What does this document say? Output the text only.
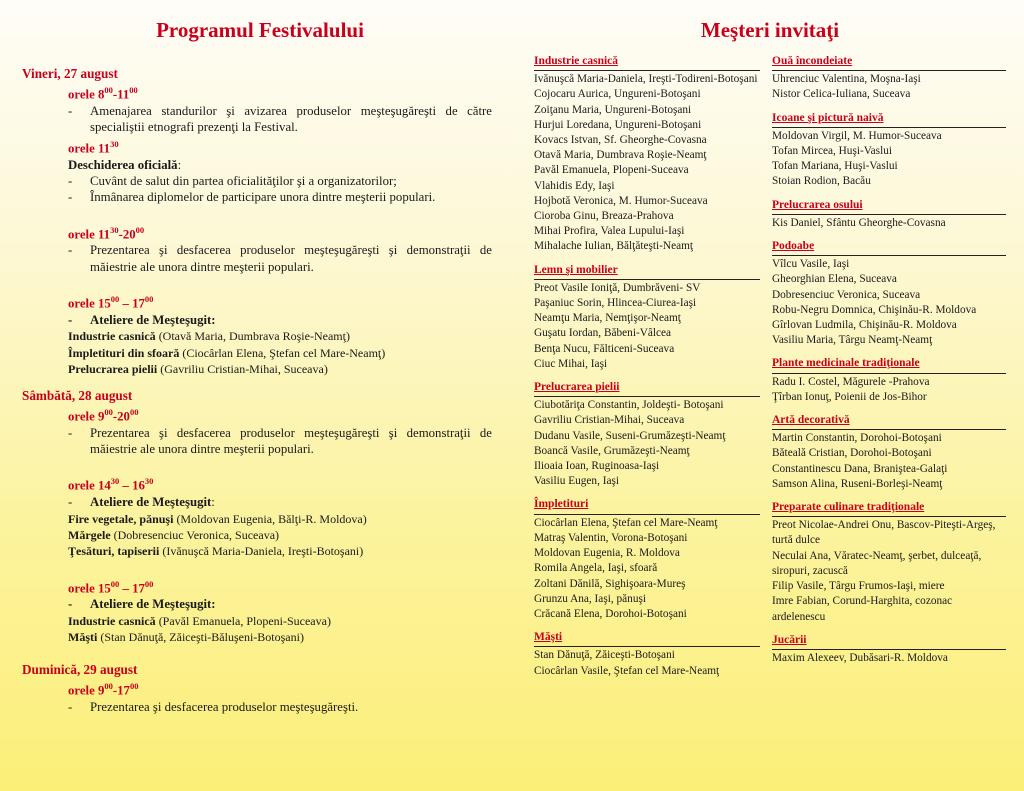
Programul Festivalului	Meşteri invitaţi
Vineri, 27 august
orele $8^{00}-11^{00}$
- Amenajarea standurilor şi avizarea produselor meşteşugăreşti de către specialiştii etnografi prezenţi la Festival.
orele $11^{30}$
Deschiderea oficială:
- Cuvânt de salut din partea oficialităţilor şi a organizatorilor;
- Înmânarea diplomelor de participare unora dintre meşterii populari.
orele $11^{30}-20^{00}$
- Prezentarea şi desfacerea produselor meşteşugăreşti şi demonstraţii de măiestrie ale unora dintre meşterii populari.
orele $15^{00} - 17^{00}$
- Ateliere de Meşteşugit:
Industrie casnică (Otavă Maria, Dumbrava Roşie-Neamţ)
Împletituri din sfoară (Ciocârlan Elena, Ştefan cel Mare-Neamţ)
Prelucrarea pielii (Gavriliu Cristian-Mihai, Suceava)
Sâmbătă, 28 august
orele $9^{00}-20^{00}$
- Prezentarea şi desfacerea produselor meşteşugăreşti şi demonstraţii de măiestrie ale unora dintre meşterii populari.
orele $14^{30} - 16^{30}$
- Ateliere de Meşteşugit:
Fire vegetale, pănuşi (Moldovan Eugenia, Bălţi-R. Moldova)
Mărgele (Dobresenciuc Veronica, Suceava)
Ţesături, tapiserii (Ivănuşcă Maria-Daniela, Ireşti-Botoşani)
orele $15^{00} - 17^{00}$
- Ateliere de Meşteşugit:
Industrie casnică (Pavăl Emanuela, Plopeni-Suceava)
Măşti (Stan Dănuţă, Zăiceşti-Băluşeni-Botoşani)
Duminică, 29 august
orele $9^{00}-17^{00}$
- Prezentarea şi desfacerea produselor meşteşugăreşti.
Industrie casnică
Ivănuşcă Maria-Daniela, Ireşti-Todireni-Botoşani
Cojocaru Aurica, Ungureni-Botoşani
Zoiţanu Maria, Ungureni-Botoşani
Hurjui Loredana, Ungureni-Botoşani
Kovacs Istvan, Sf. Gheorghe-Covasna
Otavă Maria, Dumbrava Roşie-Neamţ
Pavăl Emanuela, Plopeni-Suceava
Vlahidis Edy, Iaşi
Hojbotă Veronica, M. Humor-Suceava
Cioroba Ginu, Breaza-Prahova
Mihai Profira, Valea Lupului-Iaşi
Mihalache Iulian, Bălţăteşti-Neamţ
Lemn şi mobilier
Preot Vasile Ioniţă, Dumbrăveni- SV
Paşaniuc Sorin, Hlincea-Ciurea-Iaşi
Neamţu Maria, Nemţişor-Neamţ
Guşatu Iordan, Băbeni-Vâlcea
Benţa Nucu, Fălticeni-Suceava
Ciuc Mihai, Iaşi
Prelucrarea pielii
Ciubotăriţa Constantin, Joldeşti- Botoşani
Gavriliu Cristian-Mihai, Suceava
Dudanu Vasile, Suseni-Grumăzeşti-Neamţ
Boancă Vasile, Grumăzeşti-Neamţ
Ilioaia Ioan, Ruginoasa-Iaşi
Vasiliu Eugen, Iaşi
Împletituri
Ciocârlan Elena, Ştefan cel Mare-Neamţ
Matraş Valentin, Vorona-Botoşani
Moldovan Eugenia, R. Moldova
Romila Angela, Iaşi, sfoară
Zoltani Dănilă, Sighişoara-Mureş
Grunzu Ana, Iaşi, pănuşi
Crăcană Elena, Dorohoi-Botoşani
Măşti
Stan Dănuţă, Zăiceşti-Botoşani
Ciocârlan Vasile, Ştefan cel Mare-Neamţ
Ouă încondeiate
Uhrenciuc Valentina, Moşna-Iaşi
Nistor Celica-Iuliana, Suceava
Icoane şi pictură naivă
Moldovan Virgil, M. Humor-Suceava
Tofan Mircea, Huşi-Vaslui
Tofan Mariana, Huşi-Vaslui
Stoian Rodion, Bacău
Prelucrarea osului
Kis Daniel, Sfântu Gheorghe-Covasna
Podoabe
Vîlcu Vasile, Iaşi
Gheorghian Elena, Suceava
Dobresenciuc Veronica, Suceava
Robu-Negru Domnica, Chişinău-R. Moldova
Gîrlovan Ludmila, Chişinău-R. Moldova
Vasiliu Maria, Târgu Neamţ-Neamţ
Plante medicinale tradiţionale
Radu I. Costel, Măgurele -Prahova
Ţîrban Ionuţ, Poienii de Jos-Bihor
Artă decorativă
Martin Constantin, Dorohoi-Botoşani
Băteală Cristian, Dorohoi-Botoşani
Constantinescu Dana, Braniştea-Galaţi
Samson Alina, Ruseni-Borleşi-Neamţ
Preparate culinare tradiţionale
Preot Nicolae-Andrei Onu, Bascov-Piteşti-Argeş, turtă dulce
Neculai Ana, Văratec-Neamţ, şerbet, dulceaţă, siropuri, zacuscă
Filip Vasile, Târgu Frumos-Iaşi, miere
Imre Fabian, Corund-Harghita, cozonac ardelenescu
Jucării
Maxim Alexeev, Dubăsari-R. Moldova
